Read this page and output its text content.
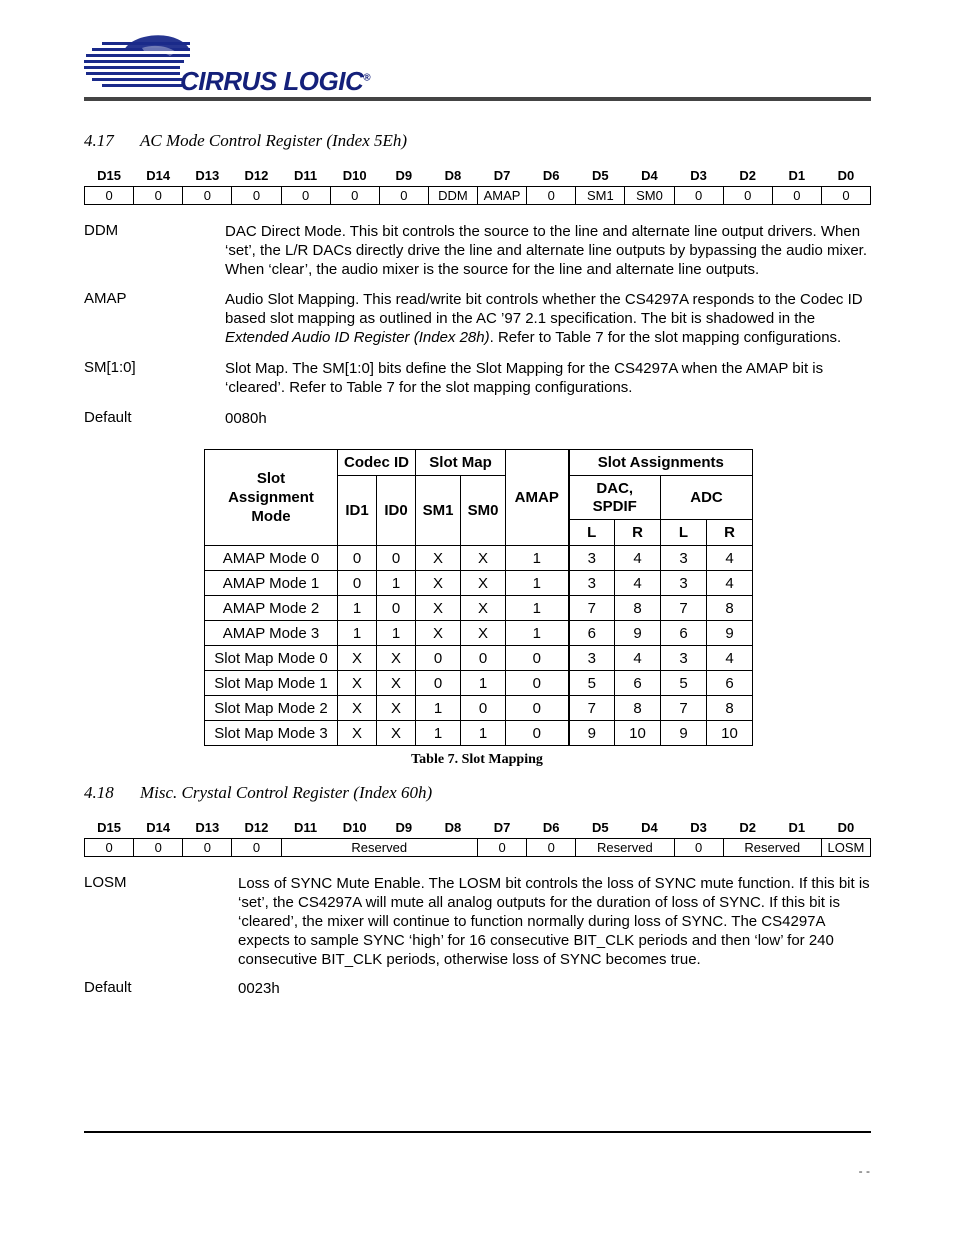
CIRRUS LOGIC®
4.17 AC Mode Control Register (Index 5Eh)
D15	D14	D13	D12	D11	D10	D9	D8	D7	D6	D5	D4	D3	D2	D1	D0
0	0	0	0	0	0	0	DDM	AMAP	0	SM1	SM0	0	0	0	0
DDM	DAC Direct Mode. This bit controls the source to the line and alternate line output drivers. When ‘set’, the L/R DACs directly drive the line and alternate line outputs by bypassing the audio mixer. When ‘clear’, the audio mixer is the source for the line and alternate line outputs.
AMAP	Audio Slot Mapping. This read/write bit controls whether the CS4297A responds to the Codec ID based slot mapping as outlined in the AC ’97 2.1 specification. The bit is shadowed in the Extended Audio ID Register (Index 28h). Refer to Table 7 for the slot mapping configurations.
SM[1:0]	Slot Map. The SM[1:0] bits define the Slot Mapping for the CS4297A when the AMAP bit is ‘cleared’. Refer to Table 7 for the slot mapping configurations.
Default	0080h
Slot Assignment Mode	Codec ID		Slot Map		AMAP	Slot Assignments			
	ID1	ID0	SM1	SM0		DAC, SPDIF		ADC	
						L	R	L	R
AMAP Mode 0	0	0	X	X	1	3	4	3	4
AMAP Mode 1	0	1	X	X	1	3	4	3	4
AMAP Mode 2	1	0	X	X	1	7	8	7	8
AMAP Mode 3	1	1	X	X	1	6	9	6	9
Slot Map Mode 0	X	X	0	0	0	3	4	3	4
Slot Map Mode 1	X	X	0	1	0	5	6	5	6
Slot Map Mode 2	X	X	1	0	0	7	8	7	8
Slot Map Mode 3	X	X	1	1	0	9	10	9	10
Table 7. Slot Mapping
4.18 Misc. Crystal Control Register (Index 60h)
D15	D14	D13	D12	D11	D10	D9	D8	D7	D6	D5	D4	D3	D2	D1	D0
0	0	0	0	Reserved				0	0	Reserved		0	Reserved		LOSM
LOSM	Loss of SYNC Mute Enable. The LOSM bit controls the loss of SYNC mute function. If this bit is ‘set’, the CS4297A will mute all analog outputs for the duration of loss of SYNC. If this bit is ‘cleared’, the mixer will continue to function normally during loss of SYNC. The CS4297A expects to sample SYNC ‘high’ for 16 consecutive BIT_CLK periods and then ‘low’ for 240 consecutive BIT_CLK periods, otherwise loss of SYNC becomes true.
Default	0023h
- -
